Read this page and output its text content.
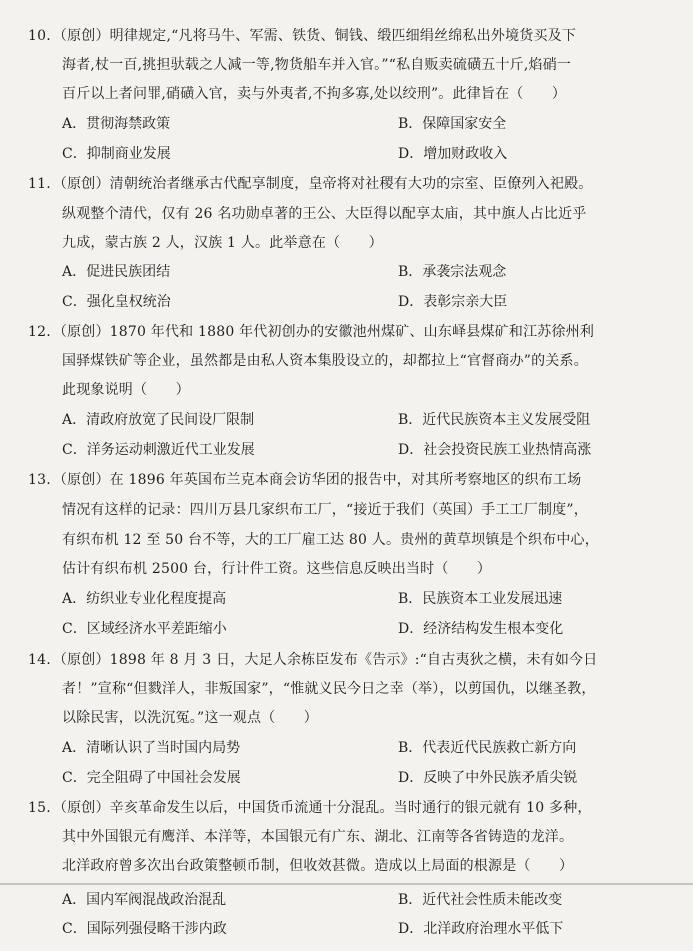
10. （原创）明律规定,“凡将马牛、军需、铁货、铜钱、缎匹细绢丝绵私出外境货买及下
海者,杖一百,挑担驮载之人减一等,物货船车并入官。”“私自贩卖硫磺五十斤,焰硝一
百斤以上者问罪,硝磺入官，卖与外夷者,不拘多寡,处以绞刑”。此律旨在（　　）
A．贯彻海禁政策	B．保障国家安全
C．抑制商业发展	D．增加财政收入
11. （原创）清朝统治者继承古代配享制度，皇帝将对社稷有大功的宗室、臣僚列入祀殿。
纵观整个清代，仅有 26 名功勋卓著的王公、大臣得以配享太庙，其中旗人占比近乎
九成，蒙古族 2 人，汉族 1 人。此举意在（　　）
A．促进民族团结	B．承袭宗法观念
C．强化皇权统治	D．表彰宗亲大臣
12. （原创）1870 年代和 1880 年代初创办的安徽池州煤矿、山东峄县煤矿和江苏徐州利
国驿煤铁矿等企业，虽然都是由私人资本集股设立的，却都拉上“官督商办”的关系。
此现象说明（　　）
A．清政府放宽了民间设厂限制	B．近代民族资本主义发展受阻
C．洋务运动刺激近代工业发展	D．社会投资民族工业热情高涨
13. （原创）在 1896 年英国布兰克本商会访华团的报告中，对其所考察地区的织布工场
情况有这样的记录：四川万县几家织布工厂，“接近于我们（英国）手工工厂制度”，
有织布机 12 至 50 台不等，大的工厂雇工达 80 人。贵州的黄草坝镇是个织布中心，
估计有织布机 2500 台，行计件工资。这些信息反映出当时（　　）
A．纺织业专业化程度提高	B．民族资本工业发展迅速
C．区域经济水平差距缩小	D．经济结构发生根本变化
14. （原创）1898 年 8 月 3 日，大足人余栋臣发布《告示》:“自古夷狄之横，未有如今日
者！”宣称“但戮洋人，非叛国家”，“惟就义民今日之幸（举），以剪国仇，以继圣教，
以除民害，以洗沉冤。”这一观点（　　）
A．清晰认识了当时国内局势	B．代表近代民族救亡新方向
C．完全阻碍了中国社会发展	D．反映了中外民族矛盾尖锐
15. （原创）辛亥革命发生以后，中国货币流通十分混乱。当时通行的银元就有 10 多种，
其中外国银元有鹰洋、本洋等，本国银元有广东、湖北、江南等各省铸造的龙洋。
北洋政府曾多次出台政策整顿币制，但收效甚微。造成以上局面的根源是（　　）
A．国内军阀混战政治混乱	B．近代社会性质未能改变
C．国际列强侵略干涉内政	D．北洋政府治理水平低下
